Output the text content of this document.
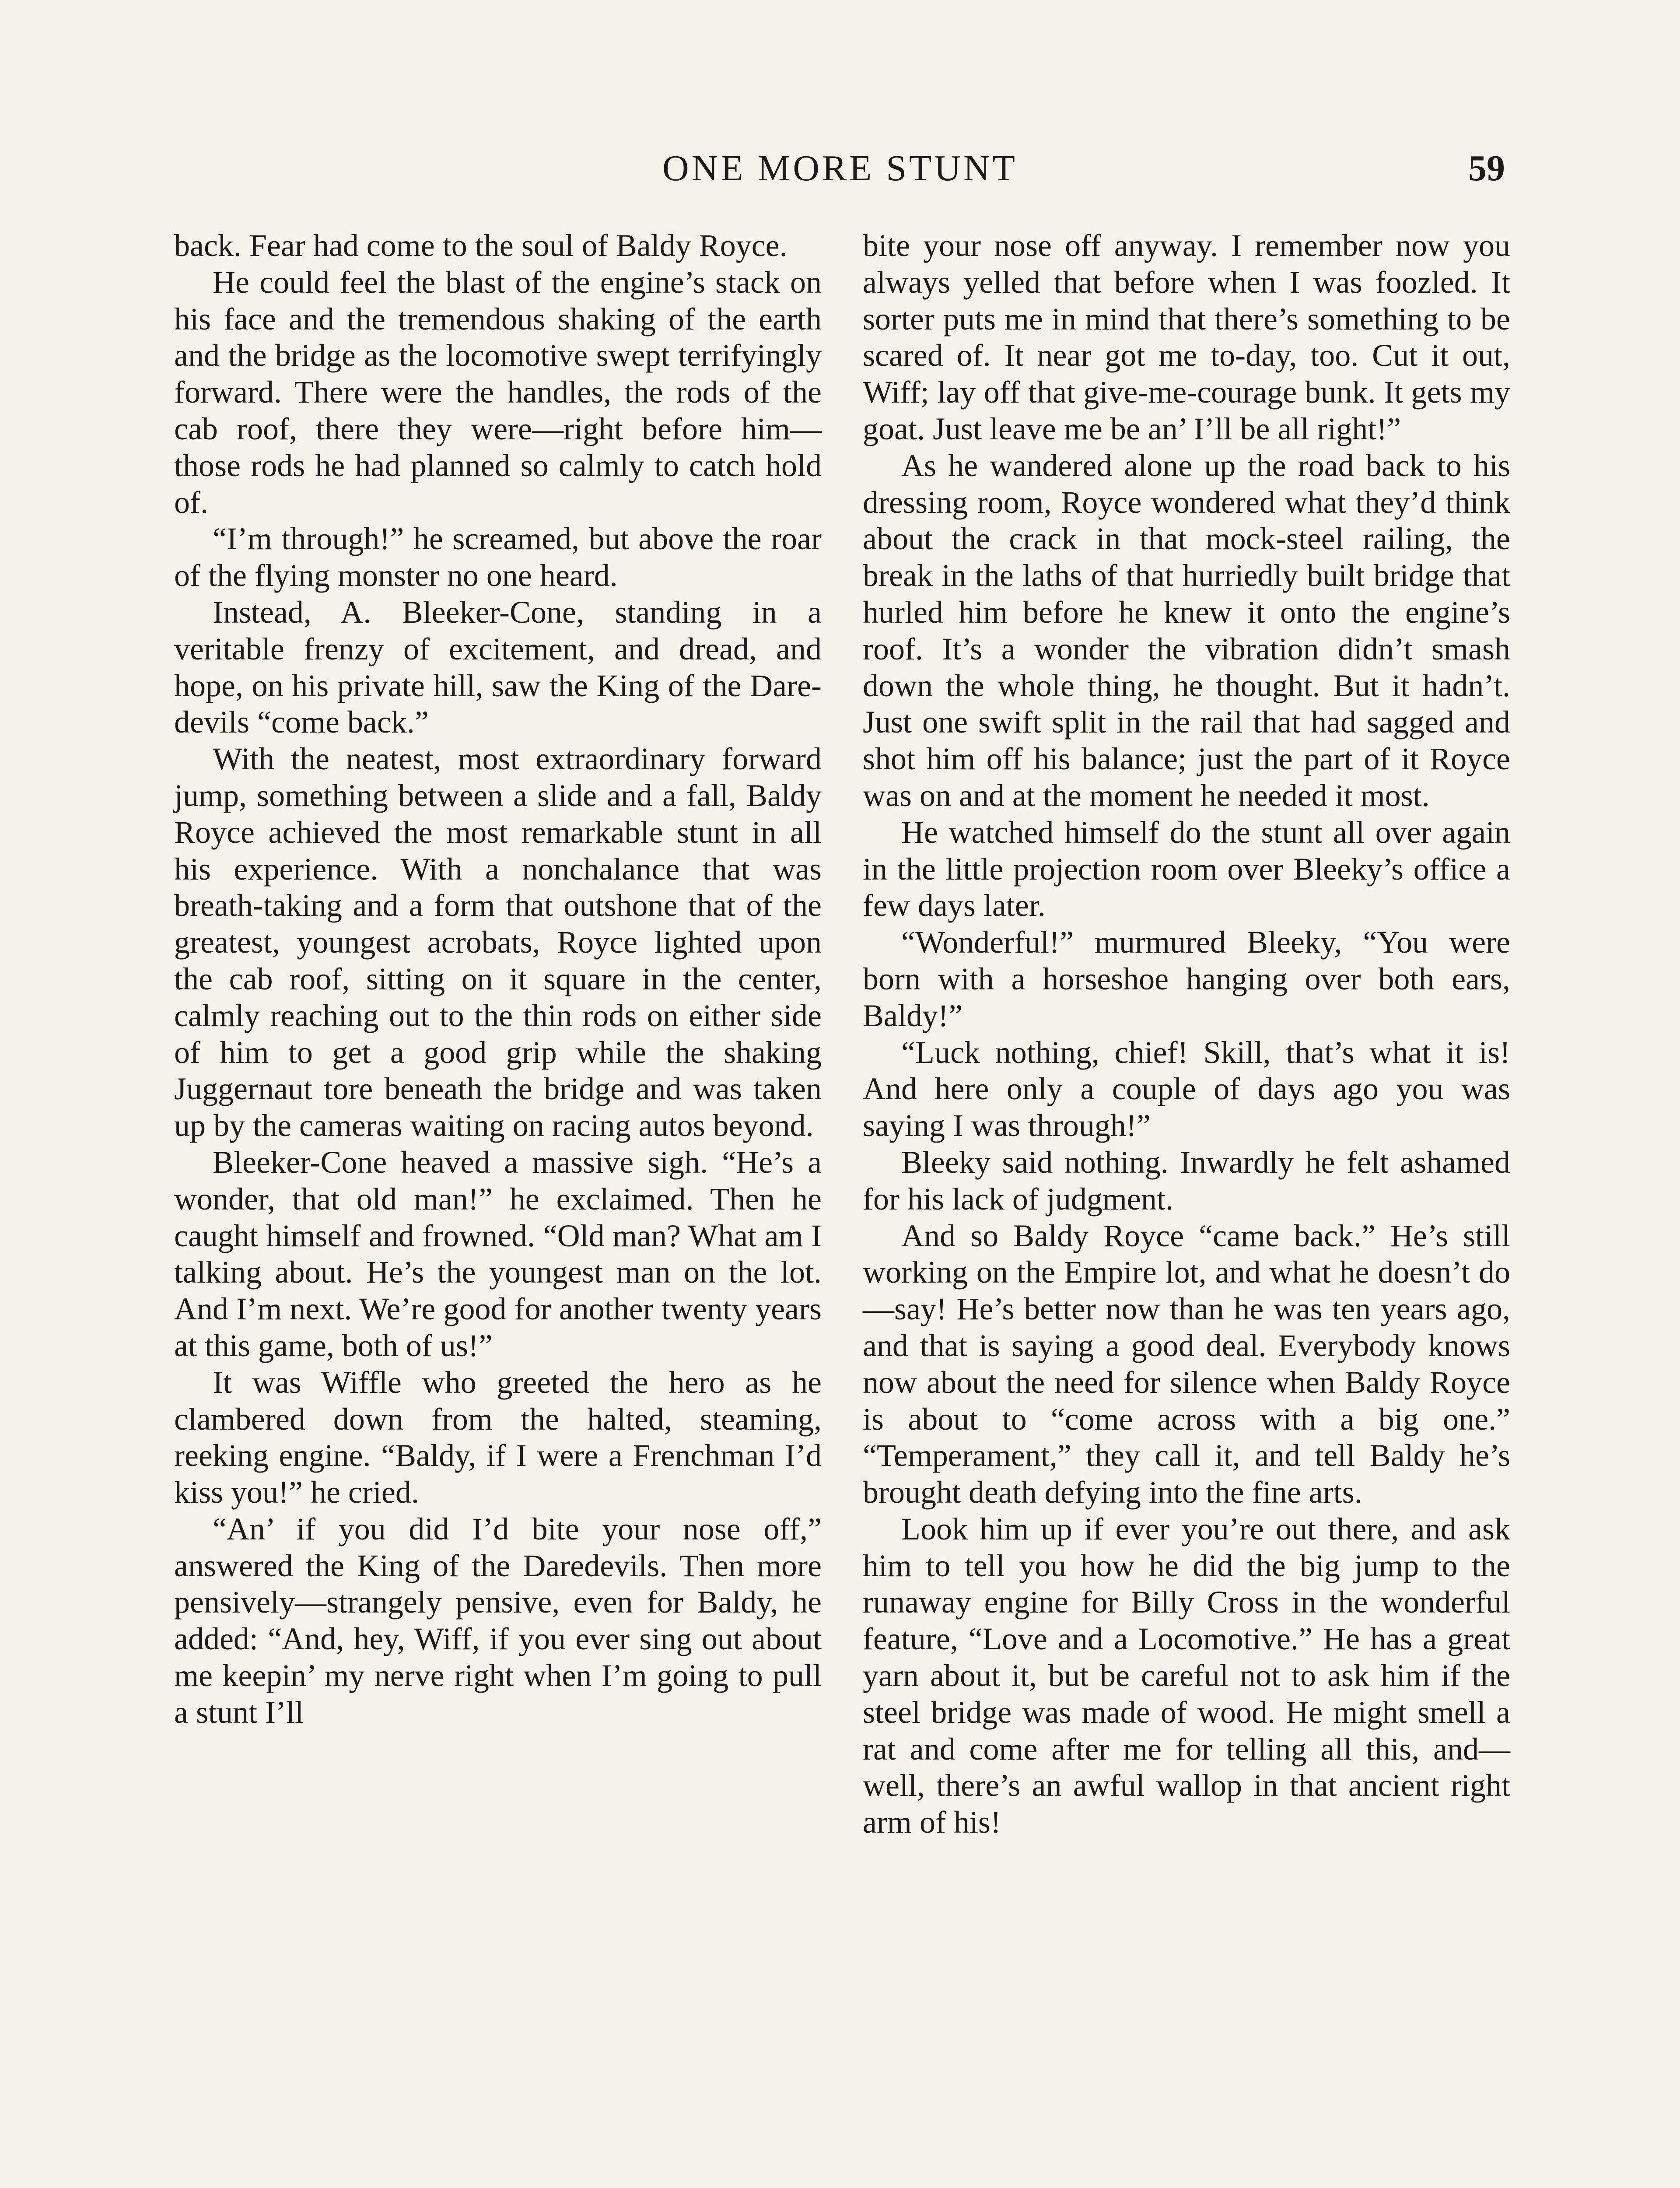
ONE MORE STUNT	59

back. Fear had come to the soul of Baldy Royce.

He could feel the blast of the engine’s stack on his face and the tremendous shaking of the earth and the bridge as the locomotive swept terrifyingly forward. There were the handles, the rods of the cab roof, there they were—right before him—those rods he had planned so calmly to catch hold of.

“I’m through!” he screamed, but above the roar of the flying monster no one heard.

Instead, A. Bleeker-Cone, standing in a veritable frenzy of excitement, and dread, and hope, on his private hill, saw the King of the Dare-devils “come back.”

With the neatest, most extraordinary forward jump, something between a slide and a fall, Baldy Royce achieved the most remarkable stunt in all his experience. With a nonchalance that was breath-taking and a form that outshone that of the greatest, youngest acrobats, Royce lighted upon the cab roof, sitting on it square in the center, calmly reaching out to the thin rods on either side of him to get a good grip while the shaking Juggernaut tore beneath the bridge and was taken up by the cameras waiting on racing autos beyond.

Bleeker-Cone heaved a massive sigh. “He’s a wonder, that old man!” he exclaimed. Then he caught himself and frowned. “Old man? What am I talking about. He’s the youngest man on the lot. And I’m next. We’re good for another twenty years at this game, both of us!”

It was Wiffle who greeted the hero as he clambered down from the halted, steaming, reeking engine. “Baldy, if I were a Frenchman I’d kiss you!” he cried.

“An’ if you did I’d bite your nose off,” answered the King of the Daredevils. Then more pensively—strangely pensive, even for Baldy, he added: “And, hey, Wiff, if you ever sing out about me keepin’ my nerve right when I’m going to pull a stunt I’ll

bite your nose off anyway. I remember now you always yelled that before when I was foozled. It sorter puts me in mind that there’s something to be scared of. It near got me to-day, too. Cut it out, Wiff; lay off that give-me-courage bunk. It gets my goat. Just leave me be an’ I’ll be all right!”

As he wandered alone up the road back to his dressing room, Royce wondered what they’d think about the crack in that mock-steel railing, the break in the laths of that hurriedly built bridge that hurled him before he knew it onto the engine’s roof. It’s a wonder the vibration didn’t smash down the whole thing, he thought. But it hadn’t. Just one swift split in the rail that had sagged and shot him off his balance; just the part of it Royce was on and at the moment he needed it most.

He watched himself do the stunt all over again in the little projection room over Bleeky’s office a few days later.

“Wonderful!” murmured Bleeky, “You were born with a horseshoe hanging over both ears, Baldy!”

“Luck nothing, chief! Skill, that’s what it is! And here only a couple of days ago you was saying I was through!”

Bleeky said nothing. Inwardly he felt ashamed for his lack of judgment.

And so Baldy Royce “came back.” He’s still working on the Empire lot, and what he doesn’t do—say! He’s better now than he was ten years ago, and that is saying a good deal. Everybody knows now about the need for silence when Baldy Royce is about to “come across with a big one.” “Temperament,” they call it, and tell Baldy he’s brought death defying into the fine arts.

Look him up if ever you’re out there, and ask him to tell you how he did the big jump to the runaway engine for Billy Cross in the wonderful feature, “Love and a Locomotive.” He has a great yarn about it, but be careful not to ask him if the steel bridge was made of wood. He might smell a rat and come after me for telling all this, and—well, there’s an awful wallop in that ancient right arm of his!
